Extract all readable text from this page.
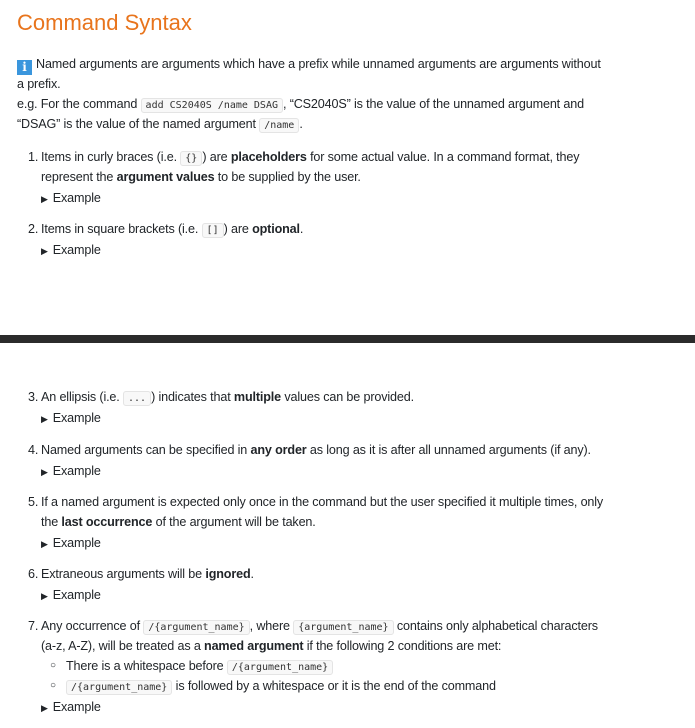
Command Syntax
i Named arguments are arguments which have a prefix while unnamed arguments are arguments without
a prefix.
e.g. For the command add CS2040S /name DSAG , “CS2040S” is the value of the unnamed argument and
“DSAG” is the value of the named argument /name .
1. Items in curly braces (i.e. {} ) are placeholders for some actual value. In a command format, they
represent the argument values to be supplied by the user.
▶ Example
2. Items in square brackets (i.e. [] ) are optional.
▶ Example
3. An ellipsis (i.e. ... ) indicates that multiple values can be provided.
▶ Example
4. Named arguments can be specified in any order as long as it is after all unnamed arguments (if any).
▶ Example
5. If a named argument is expected only once in the command but the user specified it multiple times, only
the last occurrence of the argument will be taken.
▶ Example
6. Extraneous arguments will be ignored.
▶ Example
7. Any occurrence of /{argument_name} , where {argument_name} contains only alphabetical characters
(a-z, A-Z), will be treated as a named argument if the following 2 conditions are met:
○ There is a whitespace before /{argument_name}
○	/{argument_name} is followed by a whitespace or it is the end of the command
▶ Example
